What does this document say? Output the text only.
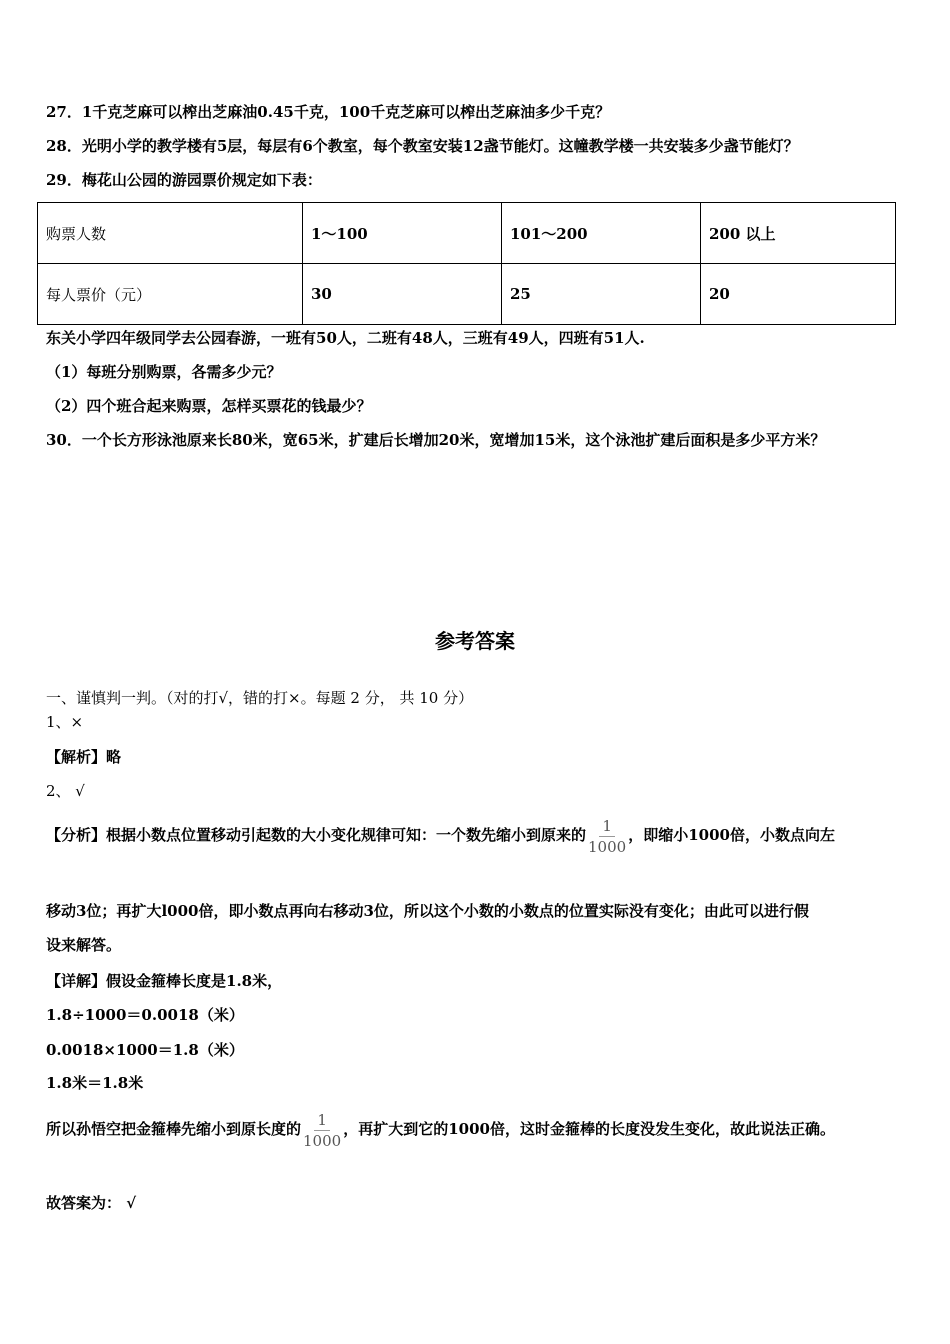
27．1千克芝麻可以榨出芝麻油0.45千克，100千克芝麻可以榨出芝麻油多少千克？
28．光明小学的教学楼有5层，每层有6个教室，每个教室安装12盏节能灯。这幢教学楼一共安装多少盏节能灯？
29．梅花山公园的游园票价规定如下表：
购票人数	1～100	101～200	200 以上
每人票价（元）	30	25	20
东关小学四年级同学去公园春游，一班有50人，二班有48人，三班有49人，四班有51人.
（1）每班分别购票，各需多少元？
（2）四个班合起来购票，怎样买票花的钱最少？
30．一个长方形泳池原来长80米，宽65米，扩建后长增加20米，宽增加15米，这个泳池扩建后面积是多少平方米？
参考答案
一、谨慎判一判。（对的打√，错的打×。每题 2 分， 共 10 分）
1、×
【解析】略
2、 √
【分析】根据小数点位置移动引起数的大小变化规律可知：一个数先缩小到原来的 $\frac{1}{1000}$ ，即缩小1000倍，小数点向左
移动3位；再扩大l000倍，即小数点再向右移动3位，所以这个小数的小数点的位置实际没有变化；由此可以进行假
设来解答。
【详解】假设金箍棒长度是1.8米，
1.8÷1000＝0.0018（米）
0.0018×1000＝1.8（米）
1.8米＝1.8米
所以孙悟空把金箍棒先缩小到原长度的 $\frac{1}{1000}$ ，再扩大到它的1000倍，这时金箍棒的长度没发生变化，故此说法正确。
故答案为： √
